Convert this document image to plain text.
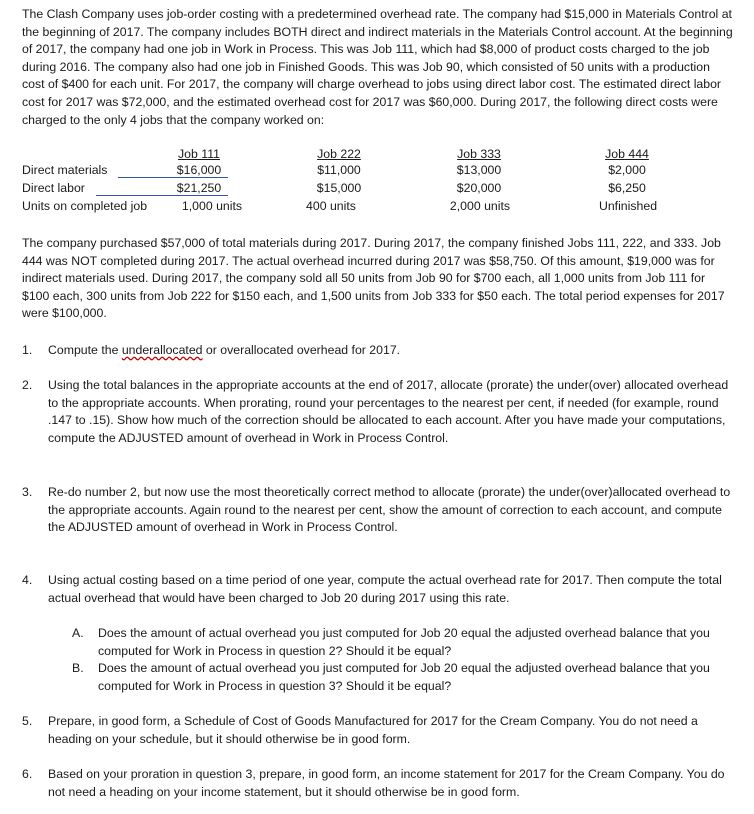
The Clash Company uses job-order costing with a predetermined overhead rate. The company had $15,000 in Materials Control at the beginning of 2017. The company includes BOTH direct and indirect materials in the Materials Control account. At the beginning of 2017, the company had one job in Work in Process. This was Job 111, which had $8,000 of product costs charged to the job during 2016. The company also had one job in Finished Goods. This was Job 90, which consisted of 50 units with a production cost of $400 for each unit. For 2017, the company will charge overhead to jobs using direct labor cost. The estimated direct labor cost for 2017 was $72,000, and the estimated overhead cost for 2017 was $60,000. During 2017, the following direct costs were charged to the only 4 jobs that the company worked on:

Direct materials
Direct labor
Units on completed job
Job 111
$16,000
$21,250
1,000 units
Job 222
$11,000
$15,000
400 units
Job 333
$13,000
$20,000
2,000 units
Job 444
$2,000
$6,250
Unfinished

The company purchased $57,000 of total materials during 2017. During 2017, the company finished Jobs 111, 222, and 333. Job 444 was NOT completed during 2017. The actual overhead incurred during 2017 was $58,750. Of this amount, $19,000 was for indirect materials used. During 2017, the company sold all 50 units from Job 90 for $700 each, all 1,000 units from Job 111 for $100 each, 300 units from Job 222 for $150 each, and 1,500 units from Job 333 for $50 each. The total period expenses for 2017 were $100,000.

1. Compute the underallocated or overallocated overhead for 2017.
2. Using the total balances in the appropriate accounts at the end of 2017, allocate (prorate) the under(over) allocated overhead to the appropriate accounts. When prorating, round your percentages to the nearest per cent, if needed (for example, round .147 to .15). Show how much of the correction should be allocated to each account. After you have made your computations, compute the ADJUSTED amount of overhead in Work in Process Control.
3. Re-do number 2, but now use the most theoretically correct method to allocate (prorate) the under(over)allocated overhead to the appropriate accounts. Again round to the nearest per cent, show the amount of correction to each account, and compute the ADJUSTED amount of overhead in Work in Process Control.
4. Using actual costing based on a time period of one year, compute the actual overhead rate for 2017. Then compute the total actual overhead that would have been charged to Job 20 during 2017 using this rate.
A. Does the amount of actual overhead you just computed for Job 20 equal the adjusted overhead balance that you computed for Work in Process in question 2? Should it be equal?
B. Does the amount of actual overhead you just computed for Job 20 equal the adjusted overhead balance that you computed for Work in Process in question 3? Should it be equal?
5. Prepare, in good form, a Schedule of Cost of Goods Manufactured for 2017 for the Cream Company. You do not need a heading on your schedule, but it should otherwise be in good form.
6. Based on your proration in question 3, prepare, in good form, an income statement for 2017 for the Cream Company. You do not need a heading on your income statement, but it should otherwise be in good form.
